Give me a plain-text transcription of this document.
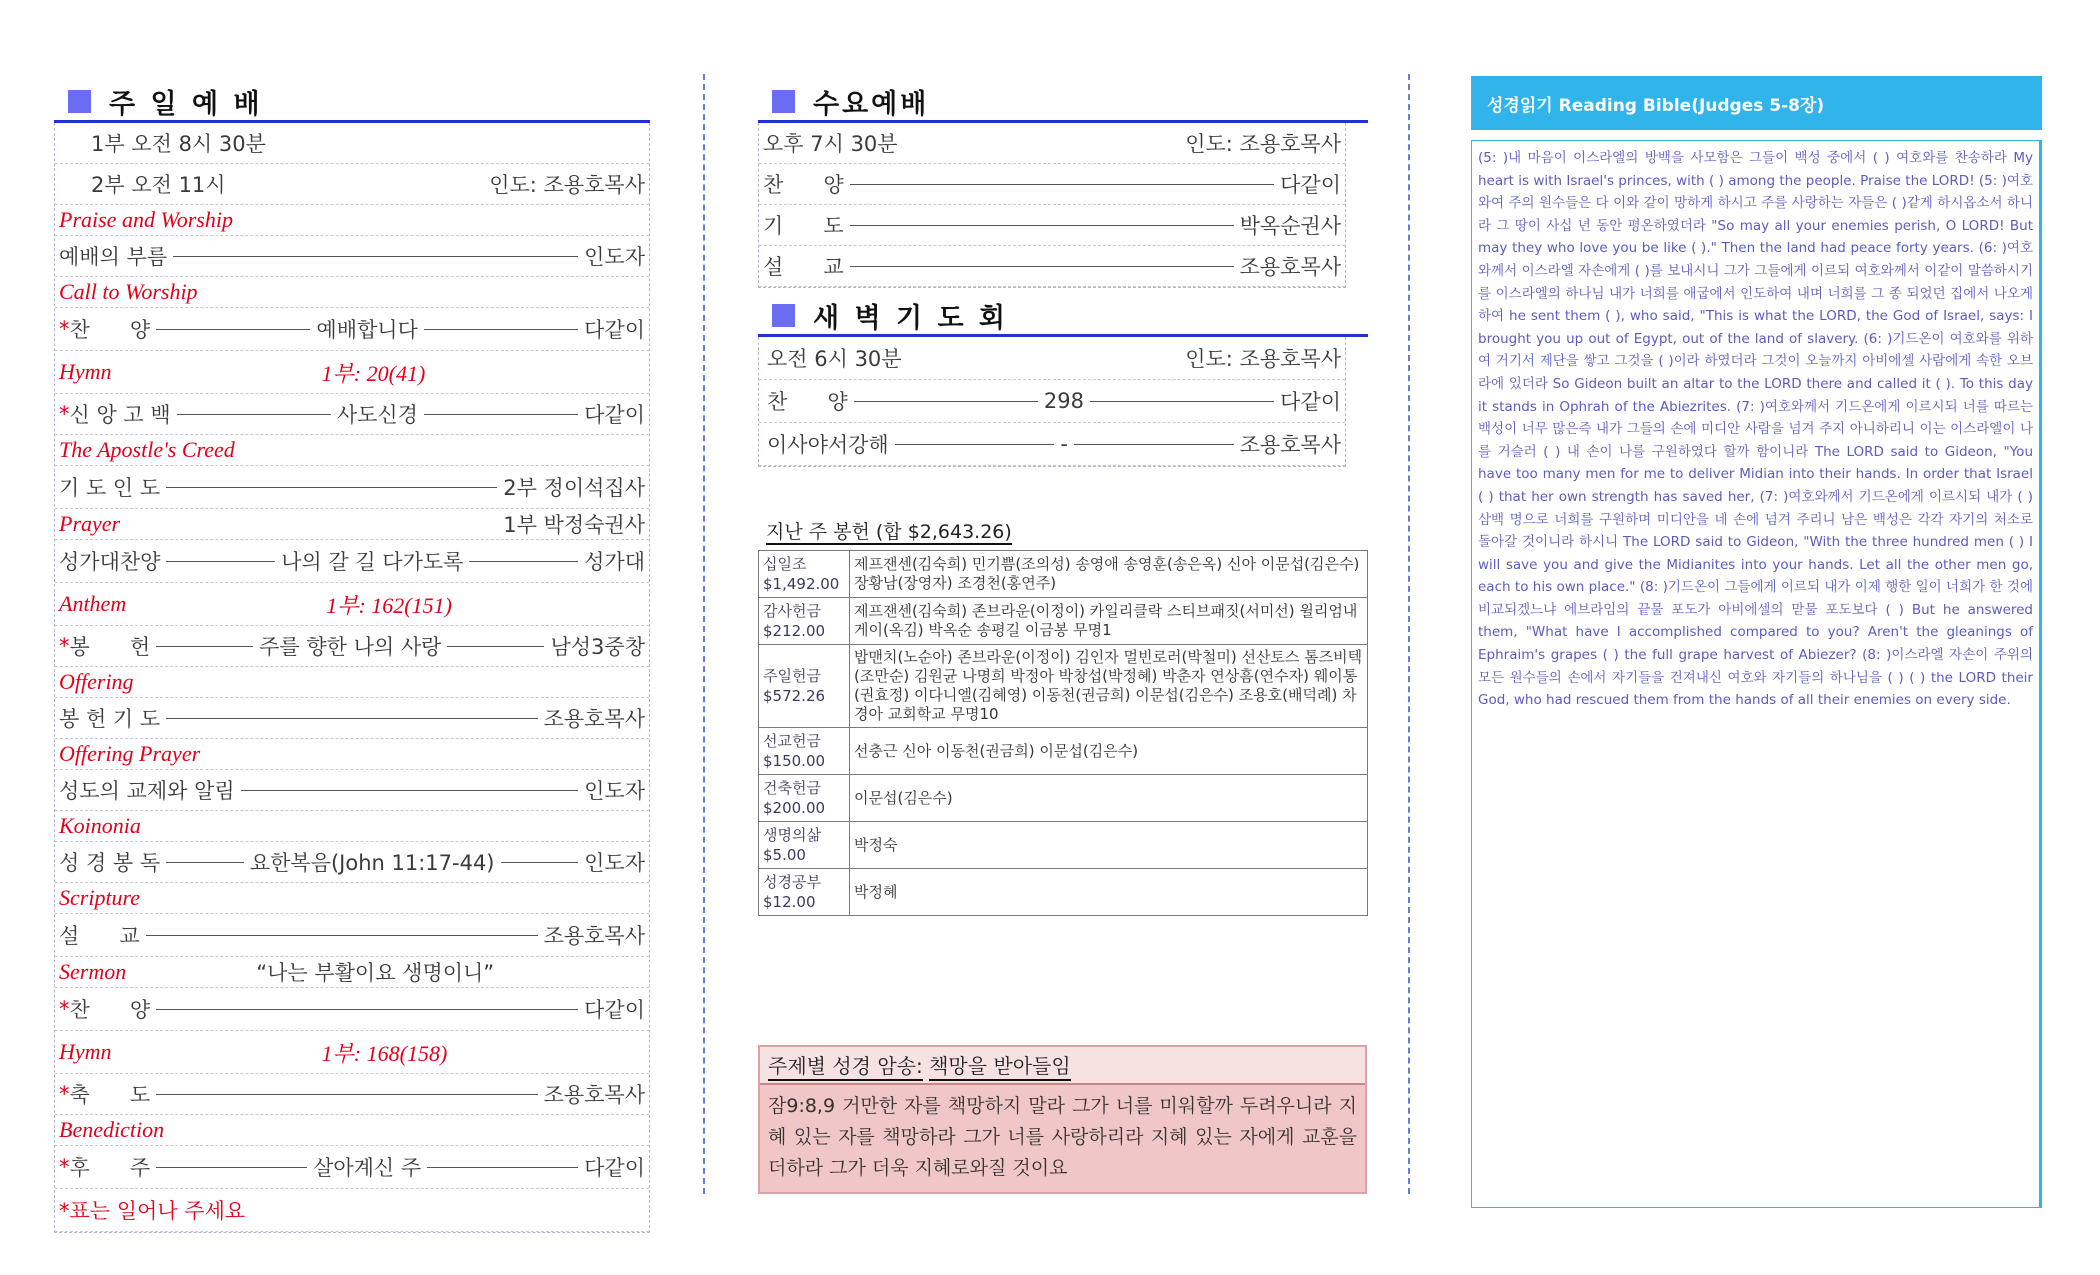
주 일 예 배
1부 오전 8시 30분
2부 오전 11시	인도: 조용호목사
Praise and Worship
예배의 부름	인도자
Call to Worship
* 찬      양	예배합니다	다같이
Hymn	1부: 20(41)
* 신 앙 고 백	사도신경	다같이
The Apostle's Creed
기 도 인 도	2부 정이석집사
Prayer	1부 박정숙권사
성가대찬양	나의 갈 길 다가도록	성가대
Anthem	1부: 162(151)
* 봉      헌	주를 향한 나의 사랑	남성3중창
Offering
봉 헌 기 도	조용호목사
Offering Prayer
성도의 교제와 알림	인도자
Koinonia
성 경 봉 독	요한복음(John 11:17-44)	인도자
Scripture
설      교	조용호목사
Sermon	“나는 부활이요 생명이니”
* 찬      양	다같이
Hymn	1부: 168(158)
* 축      도	조용호목사
Benediction
* 후      주	살아계신 주	다같이
*표는 일어나 주세요
수요예배
오후 7시 30분	인도: 조용호목사
찬      양	다같이
기      도	박옥순권사
설      교	조용호목사
새 벽 기 도 회
오전 6시 30분	인도: 조용호목사
찬      양	298	다같이
이사야서강해	-	조용호목사
지난 주 봉헌 (합 $2,643.26)
십일조
$1,492.00	제프잰센(김숙희) 민기쁨(조의성) 송영애 송영훈(송은옥) 신아 이문섭(김은수) 장황남(장영자) 조경천(홍연주)

감사헌금
$212.00	제프잰센(김숙희) 존브라운(이정이) 카일리클락 스티브패짓(서미선) 윌리엄내게이(옥김) 박옥순 송평길 이금봉 무명1

주일헌금
$572.26	밥맨치(노순아) 존브라운(이정이) 김인자 멀빈로러(박철미) 선산토스 톰즈비텍(조만순) 김원균 나명희 박정아 박창섭(박정혜) 박춘자 연상흠(연수자) 웨이통(권효정) 이다니엘(김혜영) 이동천(권금희) 이문섭(김은수) 조용호(배덕례) 차경아 교회학교 무명10

선교헌금
$150.00	선충근 신아 이동천(권금희) 이문섭(김은수)

건축헌금
$200.00	이문섭(김은수)

생명의삶
$5.00	박정숙

성경공부
$12.00	박정혜
주제별 성경 암송:
책망을 받아들임
잠9:8,9 거만한 자를 책망하지 말라 그가 너를 미워할까 두려우니라 지혜 있는 자를 책망하라 그가 너를 사랑하리라 지혜 있는 자에게 교훈을 더하라 그가 더욱 지혜로와질 것이요
성경읽기 Reading Bible(Judges 5-8장)
(5: )내 마음이 이스라엘의 방백을 사모함은 그들이 백성 중에서 ( ) 여호와를 찬송하라 My heart is with Israel's princes, with ( ) among the people. Praise the LORD! (5: )여호와여 주의 원수들은 다 이와 같이 망하게 하시고 주를 사랑하는 자들은 ( )같게 하시옵소서 하니라 그 땅이 사십 년 동안 평온하였더라 "So may all your enemies perish, O LORD! But may they who love you be like ( )." Then the land had peace forty years. (6: )여호와께서 이스라엘 자손에게 ( )를 보내시니 그가 그들에게 이르되 여호와께서 이같이 말씀하시기를 이스라엘의 하나님 내가 너희를 애굽에서 인도하여 내며 너희를 그 종 되었던 집에서 나오게 하여 he sent them ( ), who said, "This is what the LORD, the God of Israel, says: I brought you up out of Egypt, out of the land of slavery. (6: )기드온이 여호와를 위하여 거기서 제단을 쌓고 그것을 ( )이라 하였더라 그것이 오늘까지 아비에셀 사람에게 속한 오브라에 있더라 So Gideon built an altar to the LORD there and called it ( ). To this day it stands in Ophrah of the Abiezrites. (7: )여호와께서 기드온에게 이르시되 너를 따르는 백성이 너무 많은즉 내가 그들의 손에 미디안 사람을 넘겨 주지 아니하리니 이는 이스라엘이 나를 거슬러 ( ) 내 손이 나를 구원하였다 할까 함이니라 The LORD said to Gideon, "You have too many men for me to deliver Midian into their hands. In order that Israel ( ) that her own strength has saved her, (7: )여호와께서 기드온에게 이르시되 내가 ( )삼백 명으로 너희를 구원하며 미디안을 네 손에 넘겨 주리니 남은 백성은 각각 자기의 처소로 돌아갈 것이니라 하시니 The LORD said to Gideon, "With the three hundred men ( ) I will save you and give the Midianites into your hands. Let all the other men go, each to his own place." (8: )기드온이 그들에게 이르되 내가 이제 행한 일이 너희가 한 것에 비교되겠느냐 에브라임의 끝물 포도가 아비에셀의 맏물 포도보다 ( ) But he answered them, "What have I accomplished compared to you? Aren't the gleanings of Ephraim's grapes ( ) the full grape harvest of Abiezer? (8: )이스라엘 자손이 주위의 모든 원수들의 손에서 자기들을 건져내신 여호와 자기들의 하나님을 ( ) ( ) the LORD their God, who had rescued them from the hands of all their enemies on every side.
